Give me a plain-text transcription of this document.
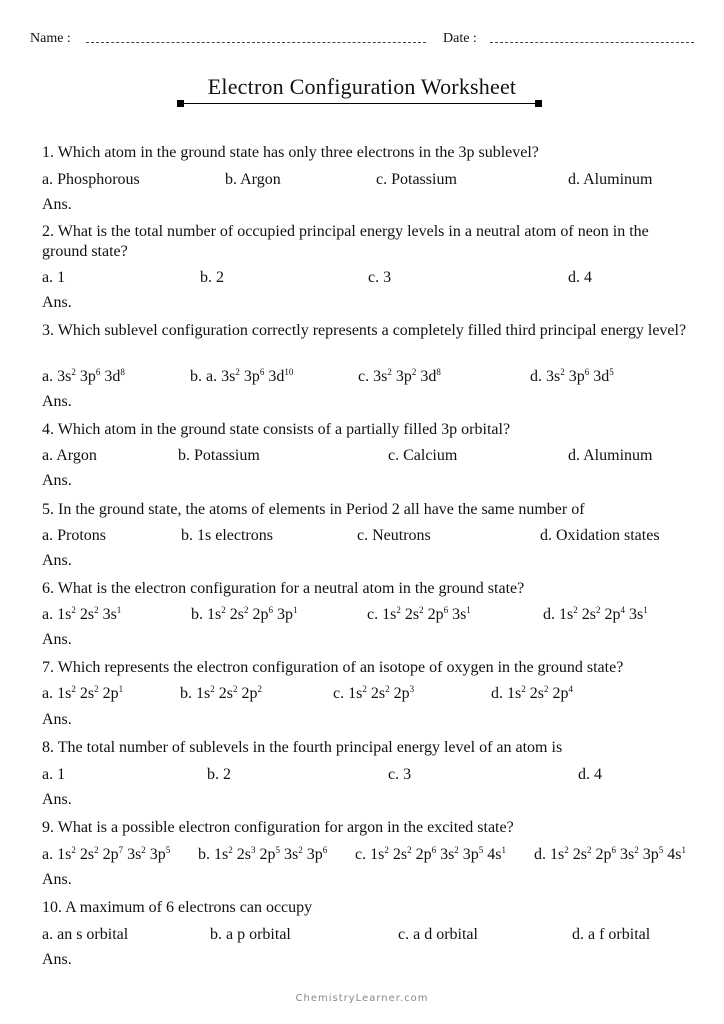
Name :	Date :
Electron Configuration Worksheet
1. Which atom in the ground state has only three electrons in the 3p sublevel?
a. Phosphorous	b. Argon	c. Potassium	d. Aluminum
Ans.
2. What is the total number of occupied principal energy levels in a neutral atom of neon in the ground state?
a. 1	b. 2	c. 3	d. 4
Ans.
3. Which sublevel configuration correctly represents a completely filled third principal energy level?
a. $3s^2$ $3p^6$ $3d^8$	b. a. $3s^2$ $3p^6$ $3d^{10}$	c. $3s^2$ $3p^2$ $3d^8$	d. $3s^2$ $3p^6$ $3d^5$
Ans.
4. Which atom in the ground state consists of a partially filled 3p orbital?
a. Argon	b. Potassium	c. Calcium	d. Aluminum
Ans.
5. In the ground state, the atoms of elements in Period 2 all have the same number of
a. Protons	b. 1s electrons	c. Neutrons	d. Oxidation states
Ans.
6. What is the electron configuration for a neutral atom in the ground state?
a. $1s^2$ $2s^2$ $3s^1$	b. $1s^2$ $2s^2$ $2p^6$ $3p^1$	c. $1s^2$ $2s^2$ $2p^6$ $3s^1$	d. $1s^2$ $2s^2$ $2p^4$ $3s^1$
Ans.
7. Which represents the electron configuration of an isotope of oxygen in the ground state?
a. $1s^2$ $2s^2$ $2p^1$	b. $1s^2$ $2s^2$ $2p^2$	c. $1s^2$ $2s^2$ $2p^3$	d. $1s^2$ $2s^2$ $2p^4$
Ans.
8. The total number of sublevels in the fourth principal energy level of an atom is
a. 1	b. 2	c. 3	d. 4
Ans.
9. What is a possible electron configuration for argon in the excited state?
a. $1s^2$ $2s^2$ $2p^7$ $3s^2$ $3p^5$ b. $1s^2$ $2s^3$ $2p^5$ $3s^2$ $3p^6$ c. $1s^2$ $2s^2$ $2p^6$ $3s^2$ $3p^5$ $4s^1$ d. $1s^2$ $2s^2$ $2p^6$ $3s^2$ $3p^5$ $4s^1$
Ans.
10. A maximum of 6 electrons can occupy
a. an s orbital	b. a p orbital	c. a d orbital	d. a f orbital
Ans.
ChemistryLearner.com
